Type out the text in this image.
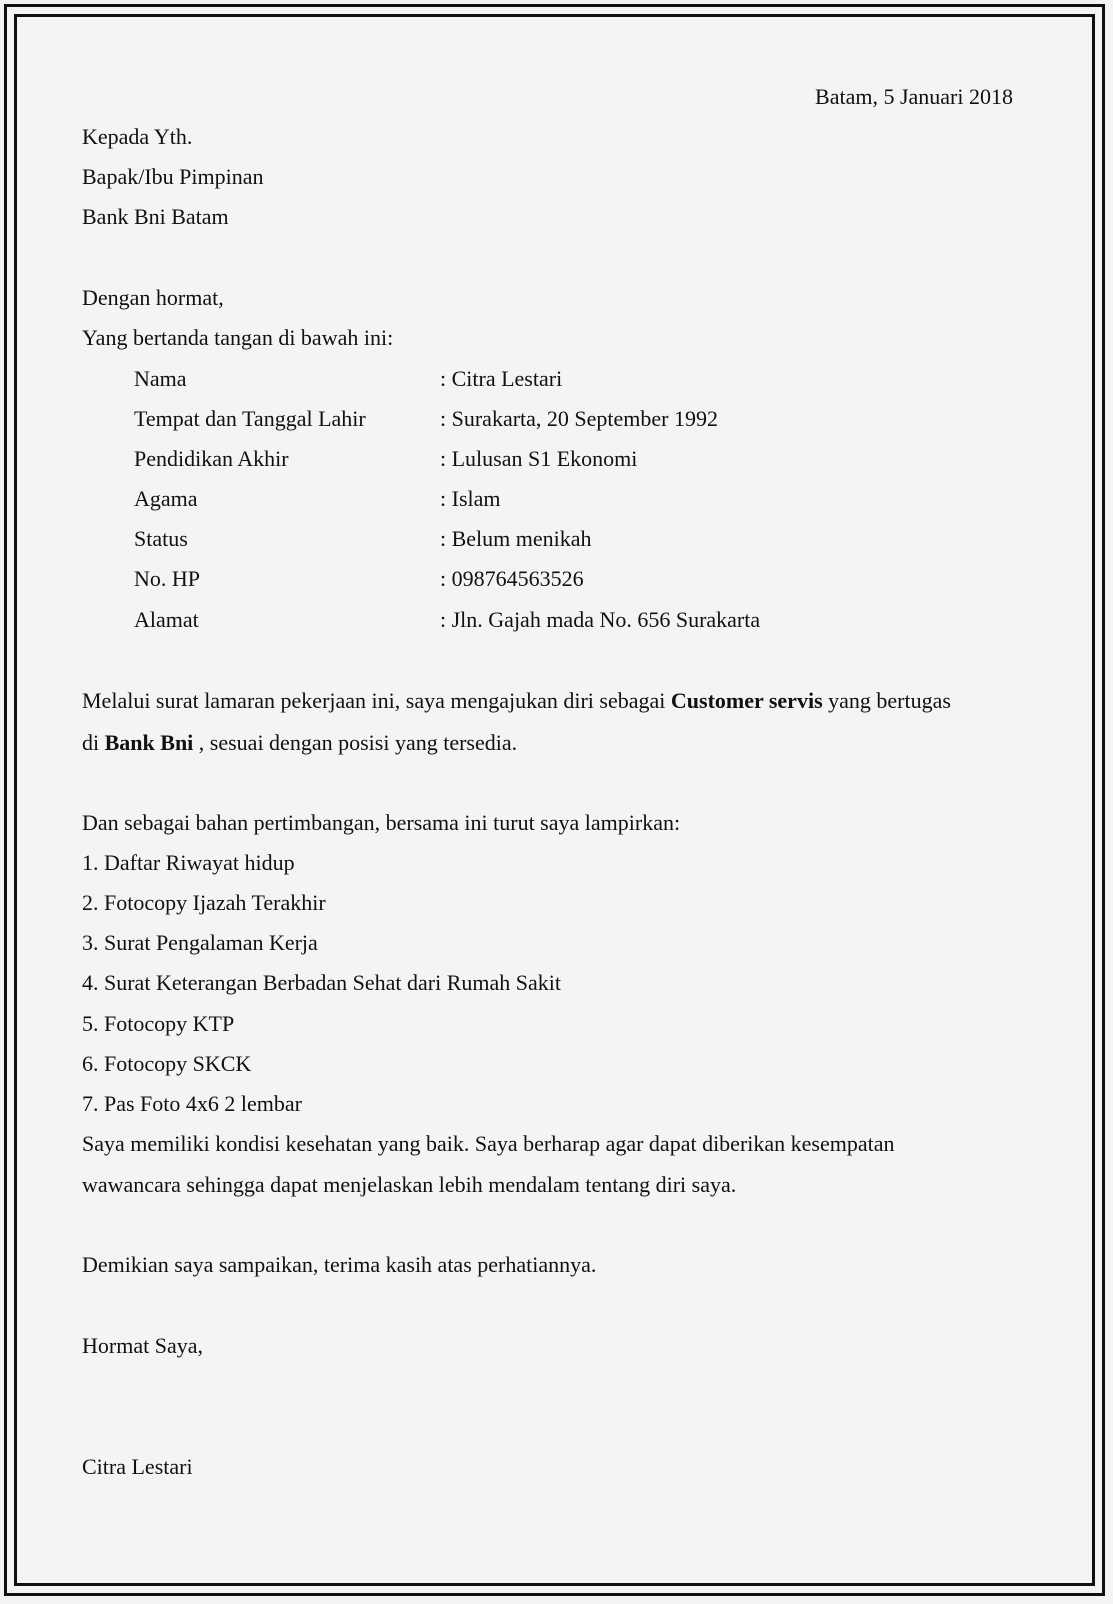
Batam, 5 Januari 2018
Kepada Yth.
Bapak/Ibu Pimpinan
Bank Bni Batam
Dengan hormat,
Yang bertanda tangan di bawah ini:
Nama	: Citra Lestari
Tempat dan Tanggal Lahir	: Surakarta, 20 September 1992
Pendidikan Akhir	: Lulusan S1 Ekonomi
Agama	: Islam
Status	: Belum menikah
No. HP	: 098764563526
Alamat	: Jln. Gajah mada No. 656 Surakarta
Melalui surat lamaran pekerjaan ini, saya mengajukan diri sebagai Customer servis yang bertugas
di Bank Bni , sesuai dengan posisi yang tersedia.
Dan sebagai bahan pertimbangan, bersama ini turut saya lampirkan:
1. Daftar Riwayat hidup
2. Fotocopy Ijazah Terakhir
3. Surat Pengalaman Kerja
4. Surat Keterangan Berbadan Sehat dari Rumah Sakit
5. Fotocopy KTP
6. Fotocopy SKCK
7. Pas Foto 4x6 2 lembar
Saya memiliki kondisi kesehatan yang baik. Saya berharap agar dapat diberikan kesempatan
wawancara sehingga dapat menjelaskan lebih mendalam tentang diri saya.
Demikian saya sampaikan, terima kasih atas perhatiannya.
Hormat Saya,
Citra Lestari
